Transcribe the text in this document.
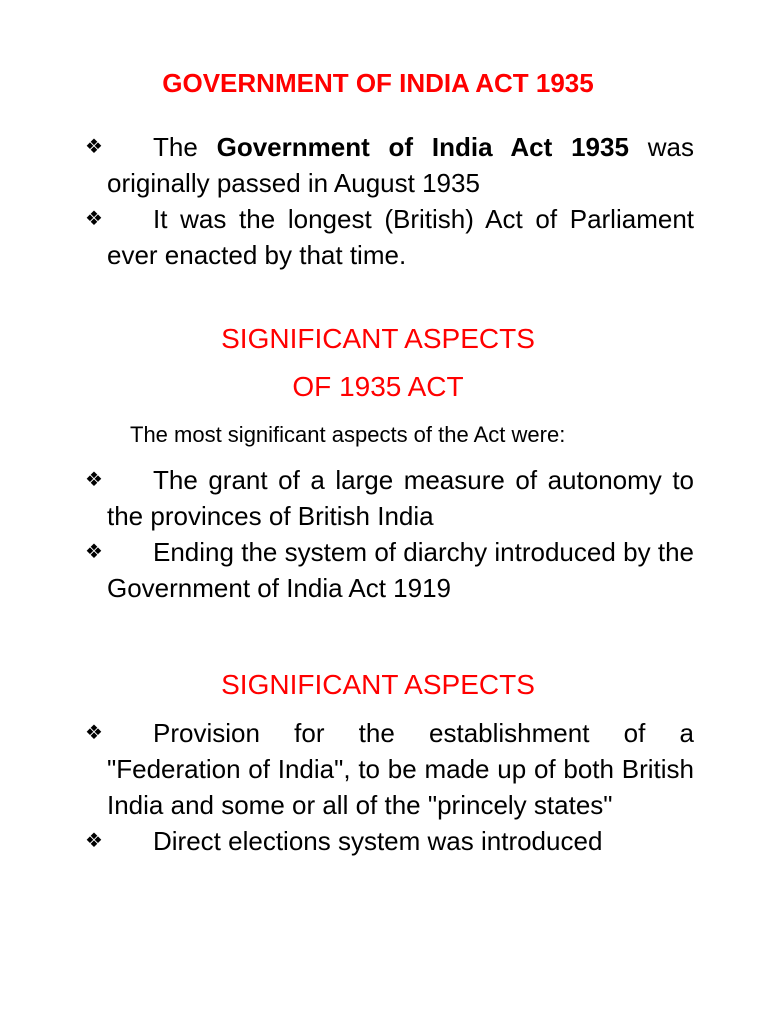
GOVERNMENT OF INDIA ACT 1935
❖ The Government of India Act 1935 was originally passed in August 1935
❖ It was the longest (British) Act of Parliament ever enacted by that time.
SIGNIFICANT ASPECTS
OF 1935 ACT
The most significant aspects of the Act were:
❖ The grant of a large measure of autonomy to the provinces of British India
❖ Ending the system of diarchy introduced by the Government of India Act 1919
SIGNIFICANT ASPECTS
❖ Provision for the establishment of a "Federation of India", to be made up of both British India and some or all of the "princely states"
❖ Direct elections system was introduced
